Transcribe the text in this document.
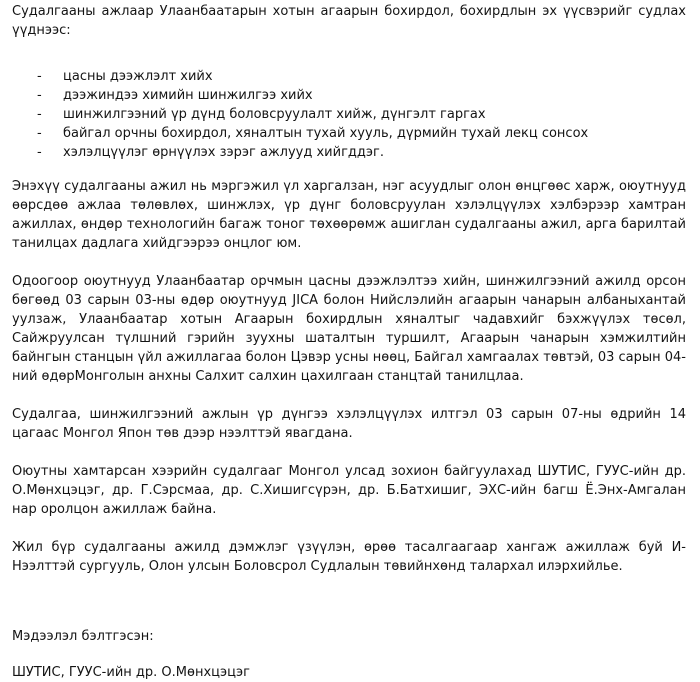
Судалгааны ажлаар Улаанбаатарын хотын агаарын бохирдол, бохирдлын эх үүсвэрийг судлах үүднээс:

- цасны дээжлэлт хийх
- дээжиндээ химийн шинжилгээ хийх
- шинжилгээний үр дүнд боловсруулалт хийж, дүнгэлт гаргах
- байгал орчны бохирдол, хяналтын тухай хууль, дүрмийн тухай лекц сонсох
- хэлэлцүүлэг өрнүүлэх зэрэг ажлууд хийгддэг.

Энэхүү судалгааны ажил нь мэргэжил үл харгалзан, нэг асуудлыг олон өнцгөөс харж, оюутнууд өөрсдөө ажлаа төлөвлөх, шинжлэх, үр дүнг боловсруулан хэлэлцүүлэх хэлбэрээр хамтран ажиллах, өндөр технологийн багаж тоног төхөөрөмж ашиглан судалгааны ажил, арга барилтай танилцах дадлага хийдгээрээ онцлог юм.

Одоогоор оюутнууд Улаанбаатар орчмын цасны дээжлэлтээ хийн, шинжилгээний ажилд орсон бөгөөд 03 сарын 03-ны өдөр оюутнууд JICA болон Нийслэлийн агаарын чанарын албаныхантай уулзаж, Улаанбаатар хотын Агаарын бохирдлын хяналтыг чадавхийг бэхжүүлэх төсөл, Сайжруулсан түлшний гэрийн зуухны шаталтын туршилт, Агаарын чанарын хэмжилтийн байнгын станцын үйл ажиллагаа болон Цэвэр усны нөөц, Байгал хамгаалах төвтэй, 03 сарын 04-ний өдөрМонголын анхны Салхит салхин цахилгаан станцтай танилцлаа.

Судалгаа, шинжилгээний ажлын үр дүнгээ хэлэлцүүлэх илтгэл 03 сарын 07-ны өдрийн 14 цагаас Монгол Япон төв дээр нээлттэй явагдана.

Оюутны хамтарсан хээрийн судалгааг Монгол улсад зохион байгуулахад ШУТИС, ГУУС-ийн др. О.Мөнхцэцэг, др. Г.Сэрсмаа, др. С.Хишигсүрэн, др. Б.Батхишиг, ЭХС-ийн багш Ё.Энх-Амгалан нар оролцон ажиллаж байна.

Жил бүр судалгааны ажилд дэмжлэг үзүүлэн, өрөө тасалгаагаар хангаж ажиллаж буй И-Нээлттэй сургууль, Олон улсын Боловсрол Судлалын төвийнхөнд талархал илэрхийлье.

Мэдээлэл бэлтгэсэн:

ШУТИС, ГУУС-ийн др. О.Мөнхцэцэг
